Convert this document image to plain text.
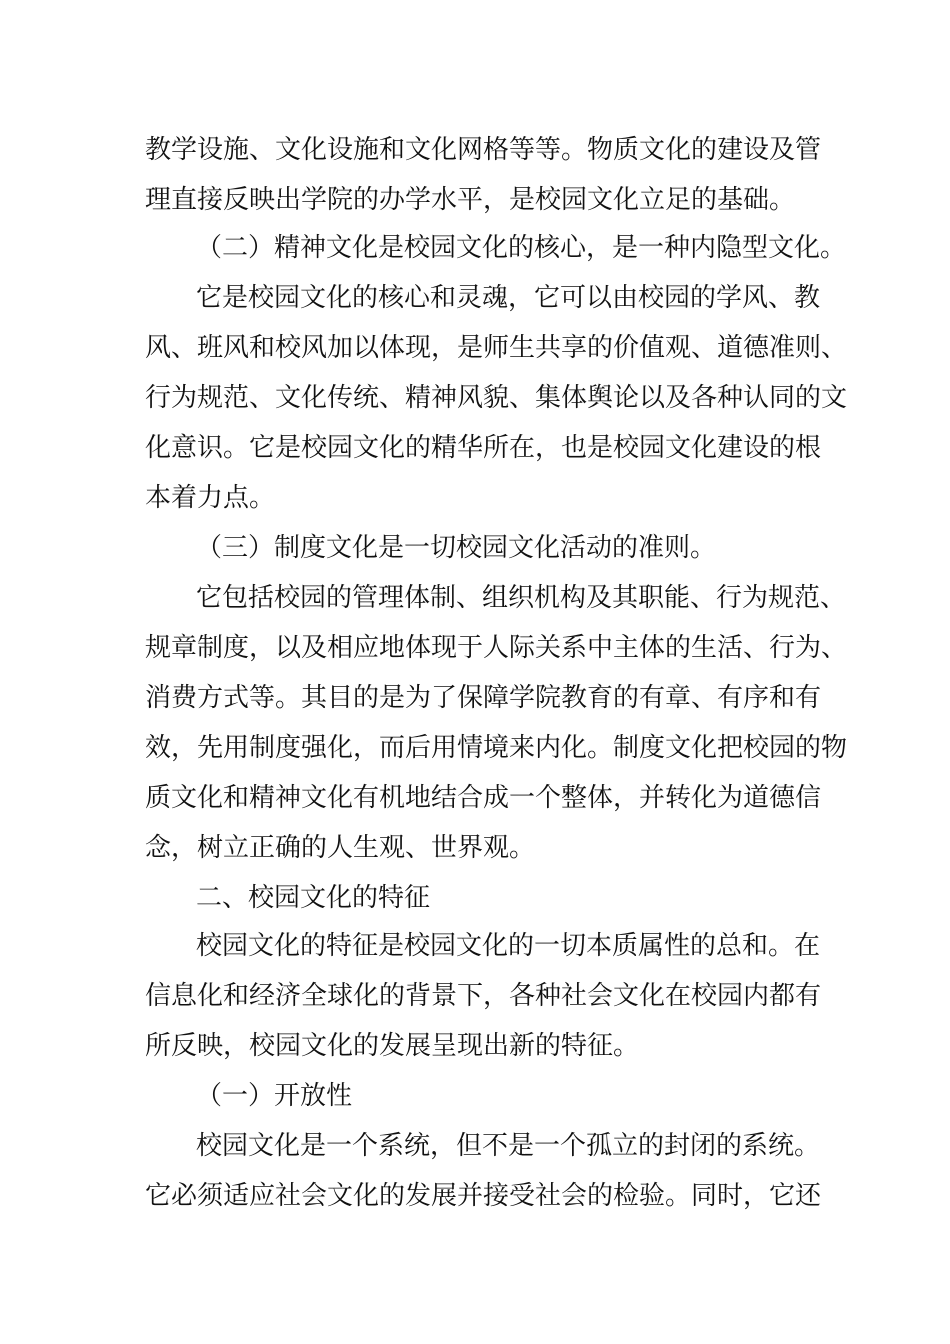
教学设施、文化设施和文化网格等等。物质文化的建设及管
理直接反映出学院的办学水平，是校园文化立足的基础。
（二）精神文化是校园文化的核心，是一种内隐型文化。
它是校园文化的核心和灵魂，它可以由校园的学风、教
风、班风和校风加以体现，是师生共享的价值观、道德准则、
行为规范、文化传统、精神风貌、集体舆论以及各种认同的文
化意识。它是校园文化的精华所在，也是校园文化建设的根
本着力点。
（三）制度文化是一切校园文化活动的准则。
它包括校园的管理体制、组织机构及其职能、行为规范、
规章制度，以及相应地体现于人际关系中主体的生活、行为、
消费方式等。其目的是为了保障学院教育的有章、有序和有
效，先用制度强化，而后用情境来内化。制度文化把校园的物
质文化和精神文化有机地结合成一个整体，并转化为道德信
念，树立正确的人生观、世界观。
二、校园文化的特征
校园文化的特征是校园文化的一切本质属性的总和。在
信息化和经济全球化的背景下，各种社会文化在校园内都有
所反映，校园文化的发展呈现出新的特征。
（一）开放性
校园文化是一个系统，但不是一个孤立的封闭的系统。
它必须适应社会文化的发展并接受社会的检验。同时，它还
